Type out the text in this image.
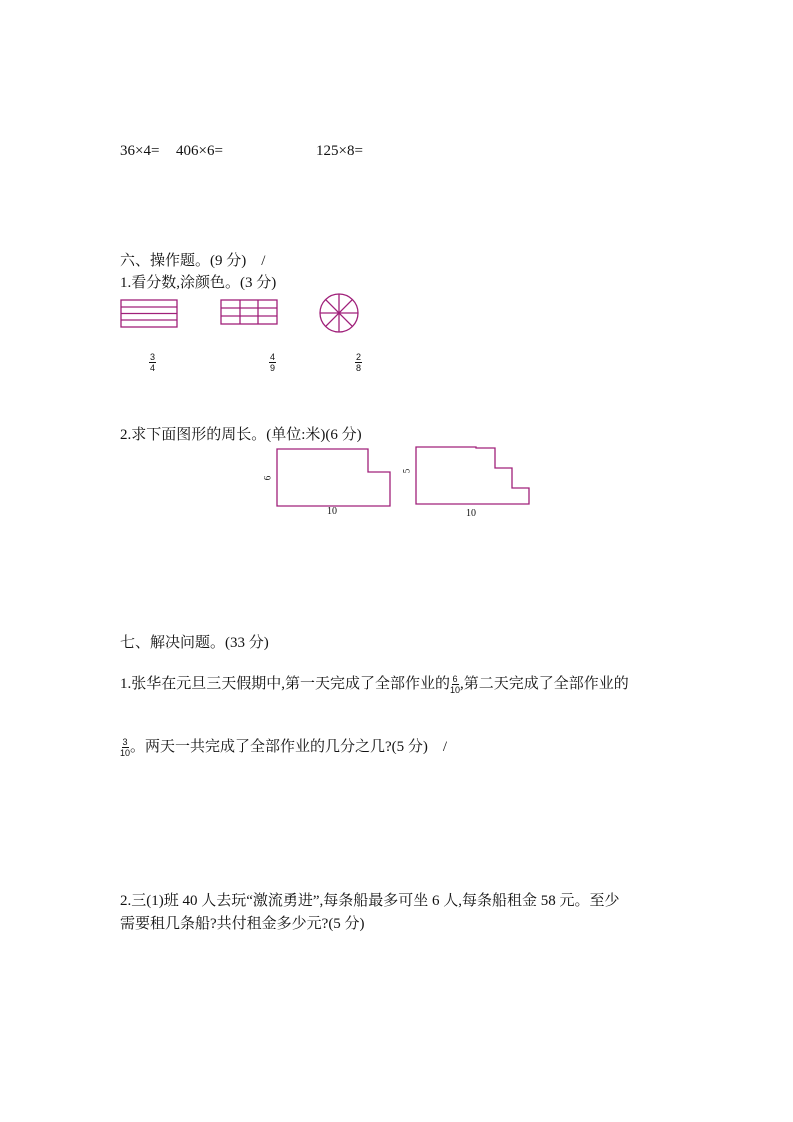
36×4= 406×6=	125×8=
六、操作题。(9 分)　/
1.看分数,涂颜色。(3 分)
$\frac{3}{4}$	$\frac{4}{9}$	$\frac{2}{8}$
2.求下面图形的周长。(单位:米)(6 分)
6
10
5
10
七、解决问题。(33 分)
1.张华在元旦三天假期中,第一天完成了全部作业的 $\frac{6}{10}$ ,第二天完成了全部作业的
$\frac{3}{10}$ 。两天一共完成了全部作业的几分之几?(5 分)　/
2.三(1)班 40 人去玩“激流勇进”,每条船最多可坐 6 人,每条船租金 58 元。至少
需要租几条船?共付租金多少元?(5 分)
